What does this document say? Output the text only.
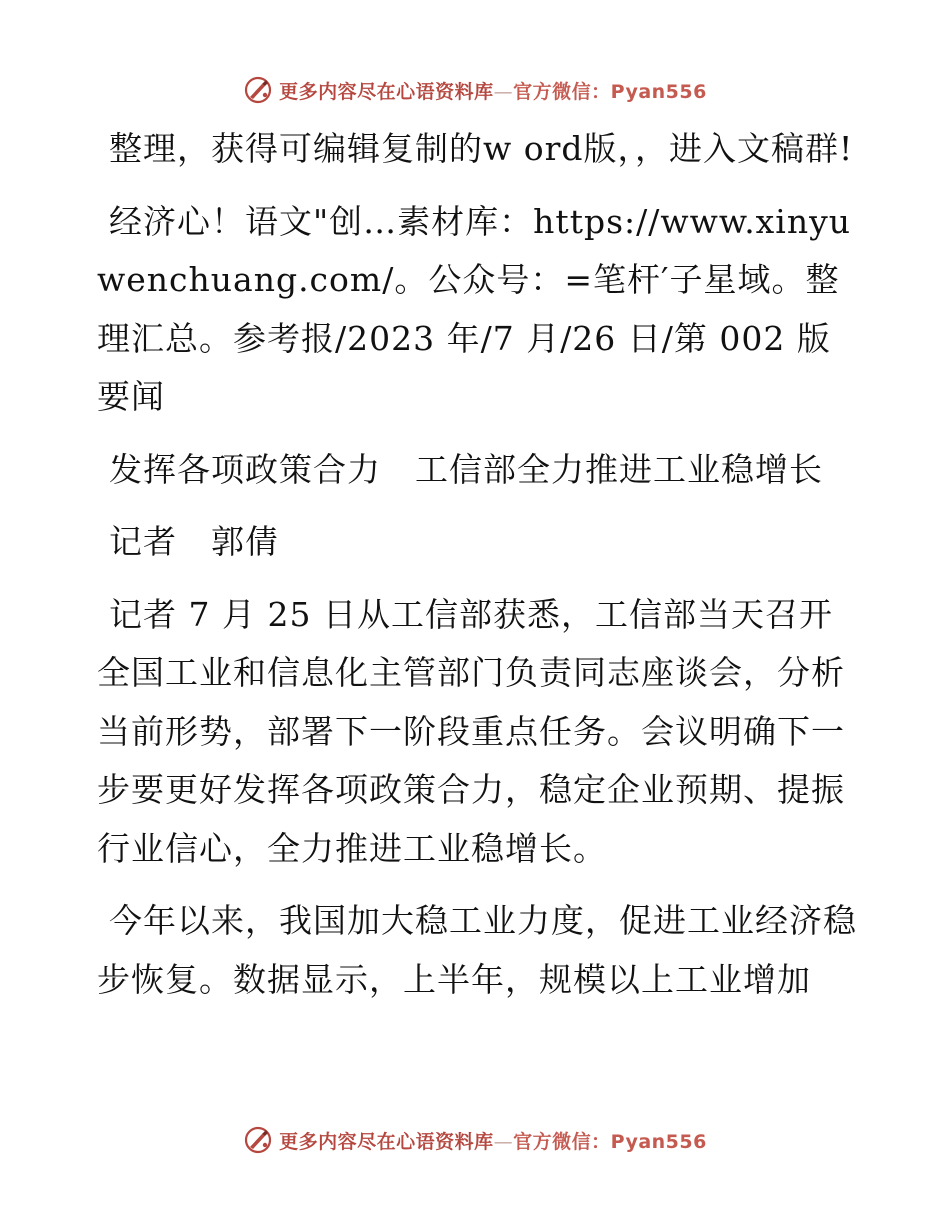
更多内容尽在心语资料库—官方微信：Pyan556

整理，获得可编辑复制的w ord版，，进入文稿群!

经济心！语文"创…素材库：https://www.xinyuwenchuang.com/。公众号：=笔杆′子星域。整理汇总。参考报/2023 年/7 月/26 日/第 002 版要闻

发挥各项政策合力　工信部全力推进工业稳增长

记者　郭倩

记者 7 月 25 日从工信部获悉，工信部当天召开全国工业和信息化主管部门负责同志座谈会，分析当前形势，部署下一阶段重点任务。会议明确下一步要更好发挥各项政策合力，稳定企业预期、提振行业信心，全力推进工业稳增长。

今年以来，我国加大稳工业力度，促进工业经济稳步恢复。数据显示，上半年，规模以上工业增加

更多内容尽在心语资料库—官方微信：Pyan556
